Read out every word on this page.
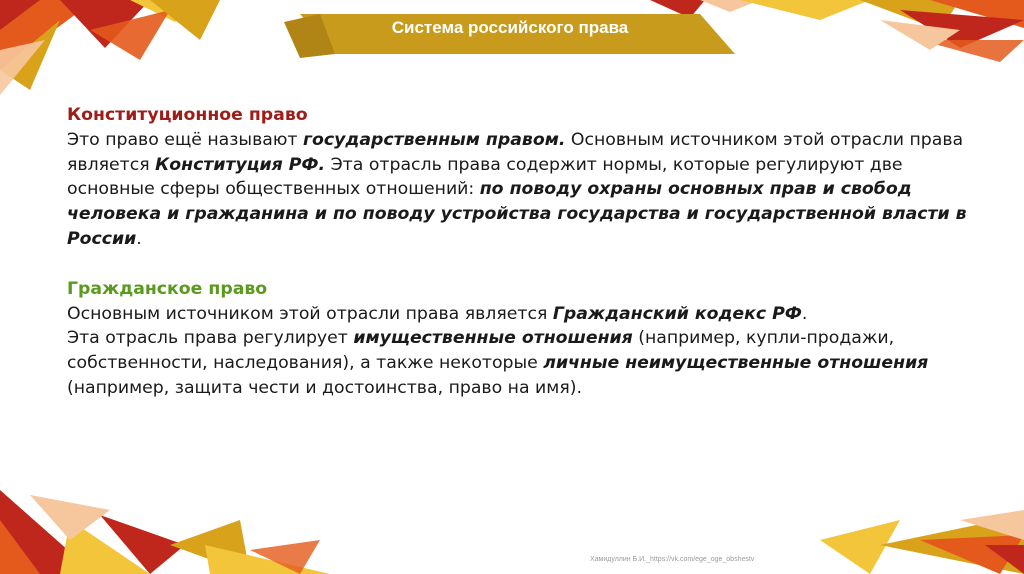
Система российского права
Конституционное право

Это право ещё называют государственным правом. Основным источником этой отрасли права является Конституция РФ. Эта отрасль права содержит нормы, которые регулируют две основные сферы общественных отношений: по поводу охраны основных прав и свобод человека и гражданина и по поводу устройства государства и государственной власти в России.

Гражданское право

Основным источником этой отрасли права является Гражданский кодекс РФ.

Эта отрасль права регулирует имущественные отношения (например, купли-продажи, собственности, наследования), а также некоторые личные неимущественные отношения (например, защита чести и достоинства, право на имя).

Хамидуллин Б.И._https://vk.com/ege_oge_obshestv
